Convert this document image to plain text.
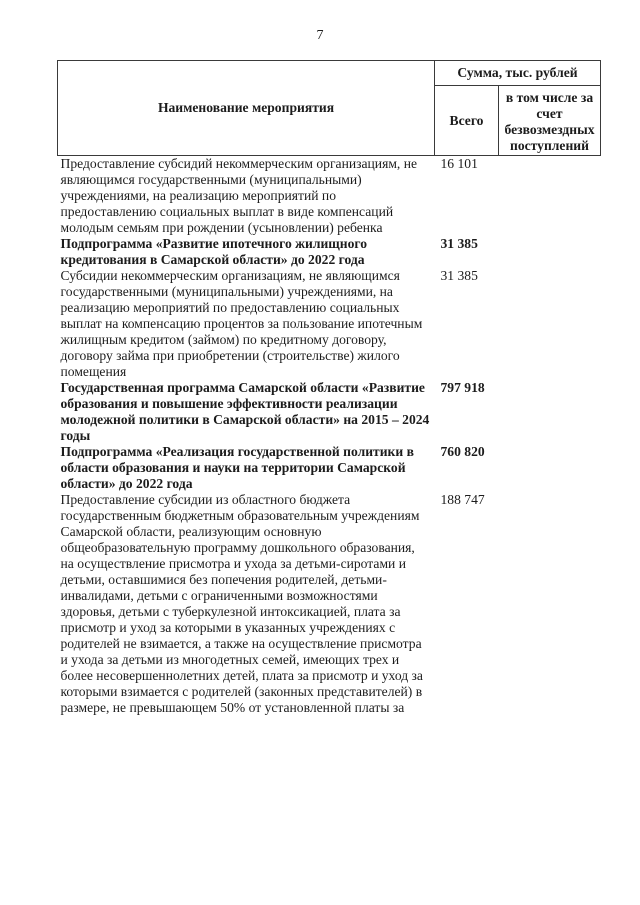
7
Наименование мероприятия	Сумма, тыс. рублей	
	Всего	в том числе за счет безвозмездных поступлений
Предоставление субсидий некоммерческим организациям, не являющимся государственными (муниципальными) учреждениями, на реализацию мероприятий по предоставлению социальных выплат в виде компенсаций молодым семьям при рождении (усыновлении) ребенка	16 101	
Подпрограмма «Развитие ипотечного жилищного кредитования в Самарской области» до 2022 года	31 385	
Субсидии некоммерческим организациям, не являющимся государственными (муниципальными) учреждениями, на реализацию мероприятий по предоставлению социальных выплат на компенсацию процентов за пользование ипотечным жилищным кредитом (займом) по кредитному договору, договору займа при приобретении (строительстве) жилого помещения	31 385	
Государственная программа Самарской области «Развитие образования и повышение эффективности реализации молодежной политики в Самарской области» на 2015 – 2024 годы	797 918	
Подпрограмма «Реализация государственной политики в области образования и науки на территории Самарской области» до 2022 года	760 820	
Предоставление субсидии из областного бюджета государственным бюджетным образовательным учреждениям Самарской области, реализующим основную общеобразовательную программу дошкольного образования, на осуществление присмотра и ухода за детьми-сиротами и детьми, оставшимися без попечения родителей, детьми-инвалидами, детьми с ограниченными возможностями здоровья, детьми с туберкулезной интоксикацией, плата за присмотр и уход за которыми в указанных учреждениях с родителей не взимается, а также на осуществление присмотра и ухода за детьми из многодетных семей, имеющих трех и более несовершеннолетних детей, плата за присмотр и уход за которыми взимается с родителей (законных представителей) в размере, не превышающем 50% от установленной платы за	188 747	
